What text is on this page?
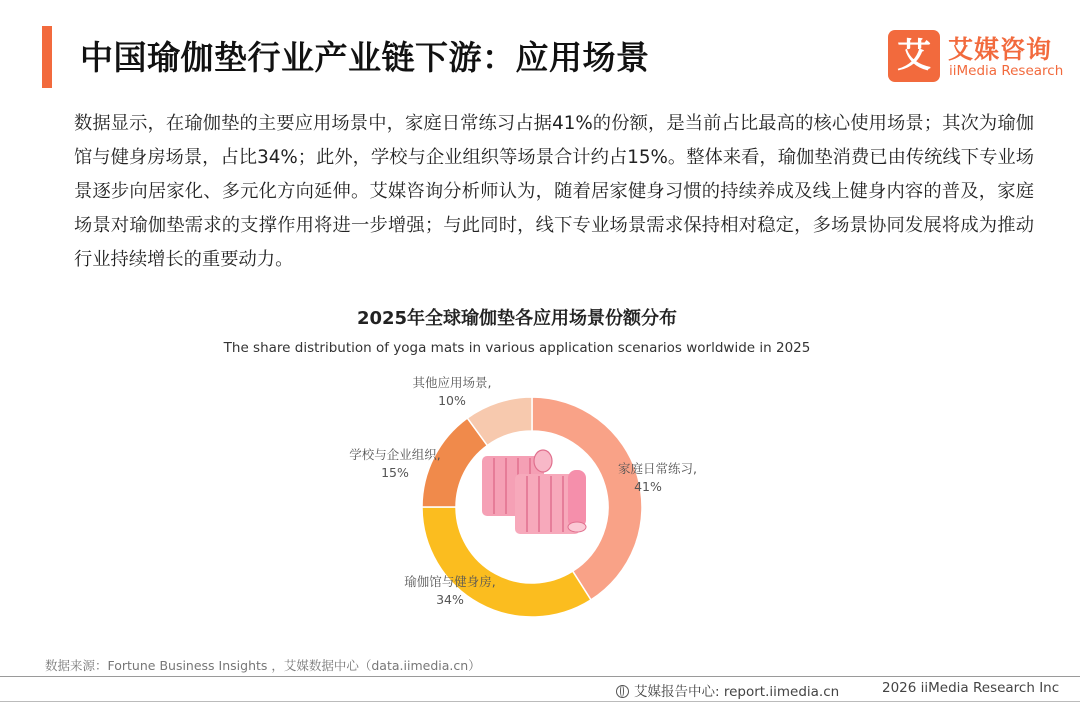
中国瑜伽垫行业产业链下游：应用场景	艾 艾媒咨询
iiMedia Research
数据显示，在瑜伽垫的主要应用场景中，家庭日常练习占据41%的份额，是当前占比最高的核心使用场景；其次为瑜伽馆与健身房场景，占比34%；此外，学校与企业组织等场景合计约占15%。整体来看，瑜伽垫消费已由传统线下专业场景逐步向居家化、多元化方向延伸。艾媒咨询分析师认为，随着居家健身习惯的持续养成及线上健身内容的普及，家庭场景对瑜伽垫需求的支撑作用将进一步增强；与此同时，线下专业场景需求保持相对稳定，多场景协同发展将成为推动行业持续增长的重要动力。
2025年全球瑜伽垫各应用场景份额分布
The share distribution of yoga mats in various application scenarios worldwide in 2025
家庭日常练习,
41%
瑜伽馆与健身房,
34%
学校与企业组织,
15%
其他应用场景,
10%
数据来源：Fortune Business Insights ，艾媒数据中心（data.iimedia.cn）
艾媒报告中心: report.iimedia.cn	2026 iiMedia Research Inc
